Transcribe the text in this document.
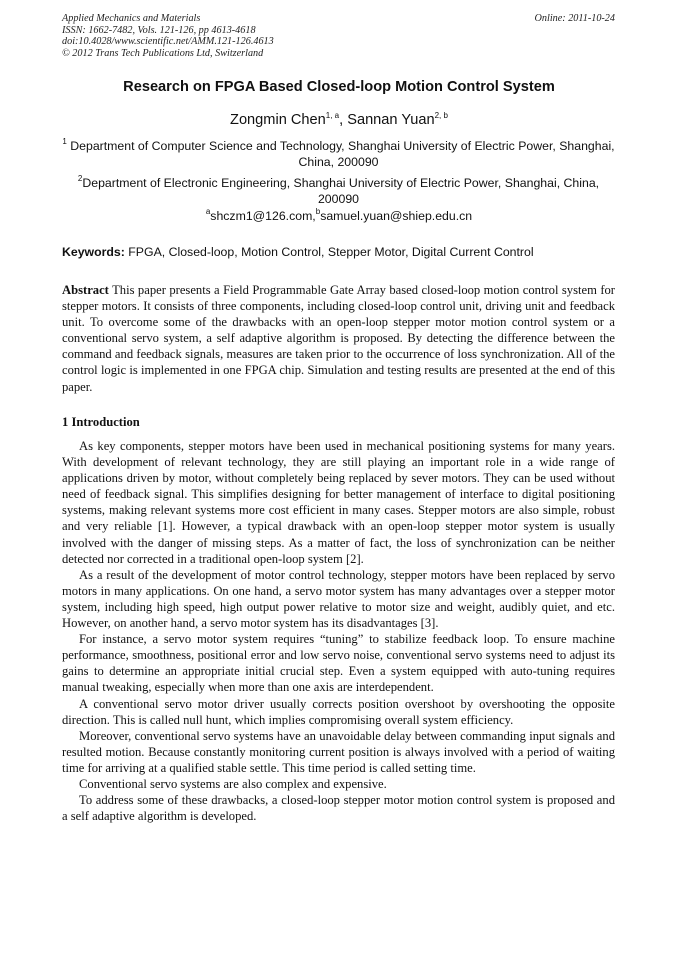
Applied Mechanics and Materials
ISSN: 1662-7482, Vols. 121-126, pp 4613-4618
doi:10.4028/www.scientific.net/AMM.121-126.4613
© 2012 Trans Tech Publications Ltd, Switzerland
Online: 2011-10-24
Research on FPGA Based Closed-loop Motion Control System
Zongmin Chen$^{1, a}$, Sannan Yuan$^{2, b}$
$^1$ Department of Computer Science and Technology, Shanghai University of Electric Power, Shanghai, China, 200090
$^2$Department of Electronic Engineering, Shanghai University of Electric Power, Shanghai, China, 200090
$^a$shczm1@126.com,$^b$samuel.yuan@shiep.edu.cn
Keywords: FPGA, Closed-loop, Motion Control, Stepper Motor, Digital Current Control
Abstract This paper presents a Field Programmable Gate Array based closed-loop motion control system for stepper motors. It consists of three components, including closed-loop control unit, driving unit and feedback unit. To overcome some of the drawbacks with an open-loop stepper motor motion control system or a conventional servo system, a self adaptive algorithm is proposed. By detecting the difference between the command and feedback signals, measures are taken prior to the occurrence of loss synchronization. All of the control logic is implemented in one FPGA chip. Simulation and testing results are presented at the end of this paper.
1 Introduction

As key components, stepper motors have been used in mechanical positioning systems for many years. With development of relevant technology, they are still playing an important role in a wide range of applications driven by motor, without completely being replaced by sever motors. They can be used without need of feedback signal. This simplifies designing for better management of interface to digital positioning systems, making relevant systems more cost efficient in many cases. Stepper motors are also simple, robust and very reliable [1]. However, a typical drawback with an open-loop stepper motor system is usually involved with the danger of missing steps. As a matter of fact, the loss of synchronization can be neither detected nor corrected in a traditional open-loop system [2].

As a result of the development of motor control technology, stepper motors have been replaced by servo motors in many applications. On one hand, a servo motor system has many advantages over a stepper motor system, including high speed, high output power relative to motor size and weight, audibly quiet, and etc. However, on another hand, a servo motor system has its disadvantages [3].

For instance, a servo motor system requires “tuning” to stabilize feedback loop. To ensure machine performance, smoothness, positional error and low servo noise, conventional servo systems need to adjust its gains to determine an appropriate initial crucial step. Even a system equipped with auto-tuning requires manual tweaking, especially when more than one axis are interdependent.

A conventional servo motor driver usually corrects position overshoot by overshooting the opposite direction. This is called null hunt, which implies compromising overall system efficiency.

Moreover, conventional servo systems have an unavoidable delay between commanding input signals and resulted motion. Because constantly monitoring current position is always involved with a period of waiting time for arriving at a qualified stable settle. This time period is called setting time.

Conventional servo systems are also complex and expensive.

To address some of these drawbacks, a closed-loop stepper motor motion control system is proposed and a self adaptive algorithm is developed.
